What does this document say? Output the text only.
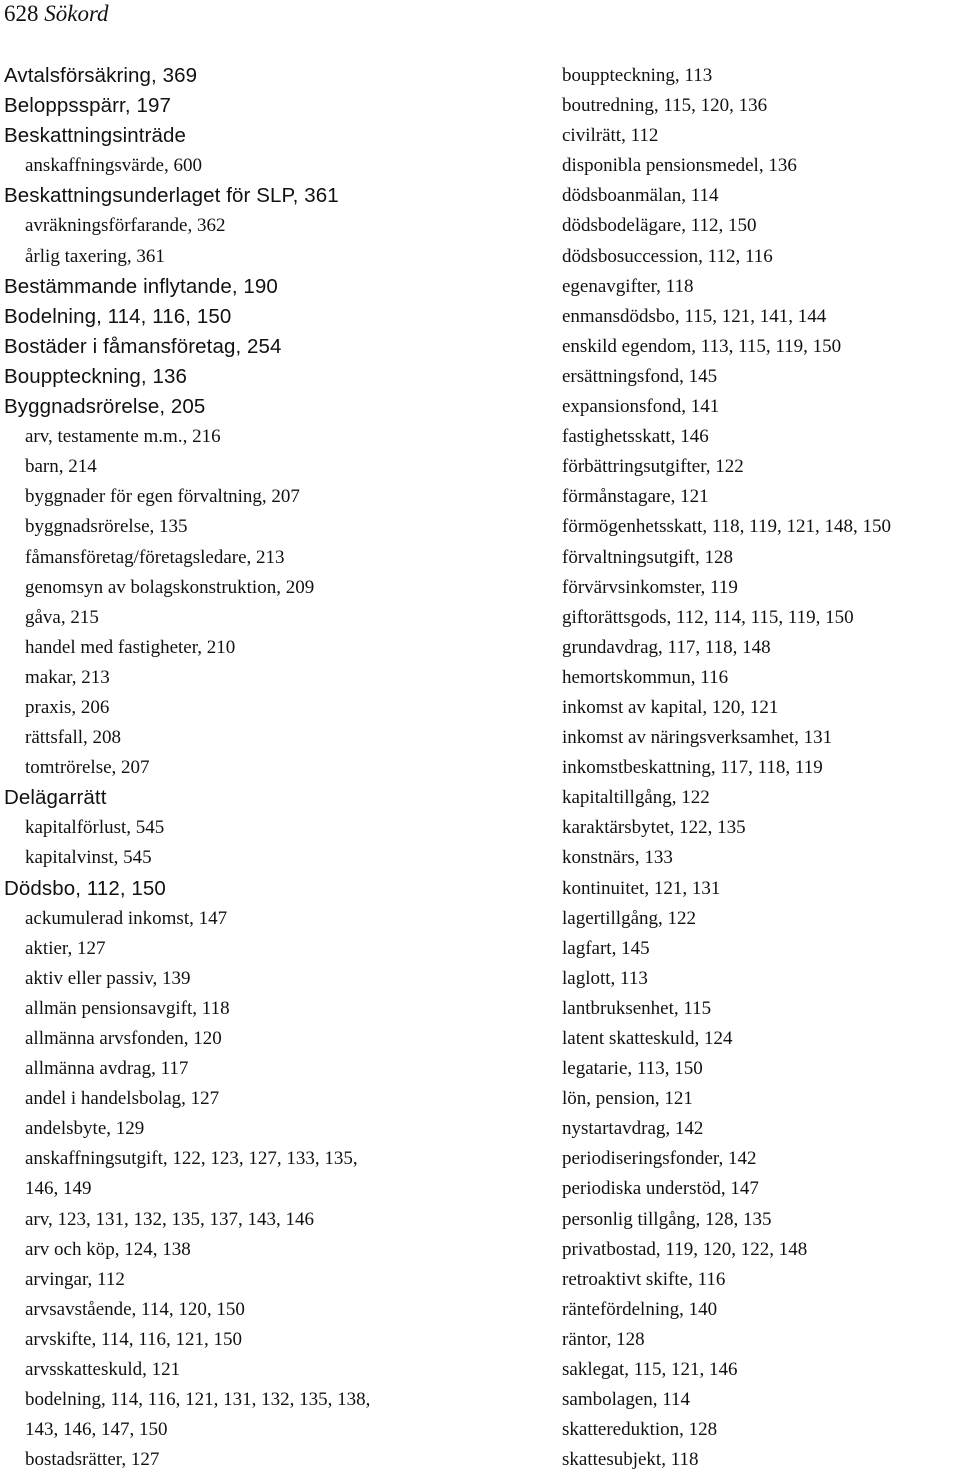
628 Sökord
Avtalsförsäkring, 369
Beloppsspärr, 197
Beskattningsinträde
anskaffningsvärde, 600
Beskattningsunderlaget för SLP, 361
avräkningsförfarande, 362
årlig taxering, 361
Bestämmande inflytande, 190
Bodelning, 114, 116, 150
Bostäder i fåmansföretag, 254
Bouppteckning, 136
Byggnadsrörelse, 205
arv, testamente m.m., 216
barn, 214
byggnader för egen förvaltning, 207
byggnadsrörelse, 135
fåmansföretag/företagsledare, 213
genomsyn av bolagskonstruktion, 209
gåva, 215
handel med fastigheter, 210
makar, 213
praxis, 206
rättsfall, 208
tomtrörelse, 207
Delägarrätt
kapitalförlust, 545
kapitalvinst, 545
Dödsbo, 112, 150
ackumulerad inkomst, 147
aktier, 127
aktiv eller passiv, 139
allmän pensionsavgift, 118
allmänna arvsfonden, 120
allmänna avdrag, 117
andel i handelsbolag, 127
andelsbyte, 129
anskaffningsutgift, 122, 123, 127, 133, 135,
146, 149
arv, 123, 131, 132, 135, 137, 143, 146
arv och köp, 124, 138
arvingar, 112
arvsavstående, 114, 120, 150
arvskifte, 114, 116, 121, 150
arvsskatteskuld, 121
bodelning, 114, 116, 121, 131, 132, 135, 138,
143, 146, 147, 150
bostadsrätter, 127
bouppteckning, 113
boutredning, 115, 120, 136
civilrätt, 112
disponibla pensionsmedel, 136
dödsboanmälan, 114
dödsbodelägare, 112, 150
dödsbosuccession, 112, 116
egenavgifter, 118
enmansdödsbo, 115, 121, 141, 144
enskild egendom, 113, 115, 119, 150
ersättningsfond, 145
expansionsfond, 141
fastighetsskatt, 146
förbättringsutgifter, 122
förmånstagare, 121
förmögenhetsskatt, 118, 119, 121, 148, 150
förvaltningsutgift, 128
förvärvsinkomster, 119
giftorättsgods, 112, 114, 115, 119, 150
grundavdrag, 117, 118, 148
hemortskommun, 116
inkomst av kapital, 120, 121
inkomst av näringsverksamhet, 131
inkomstbeskattning, 117, 118, 119
kapitaltillgång, 122
karaktärsbytet, 122, 135
konstnärs, 133
kontinuitet, 121, 131
lagertillgång, 122
lagfart, 145
laglott, 113
lantbruksenhet, 115
latent skatteskuld, 124
legatarie, 113, 150
lön, pension, 121
nystartavdrag, 142
periodiseringsfonder, 142
periodiska understöd, 147
personlig tillgång, 128, 135
privatbostad, 119, 120, 122, 148
retroaktivt skifte, 116
räntefördelning, 140
räntor, 128
saklegat, 115, 121, 146
sambolagen, 114
skattereduktion, 128
skattesubjekt, 118
